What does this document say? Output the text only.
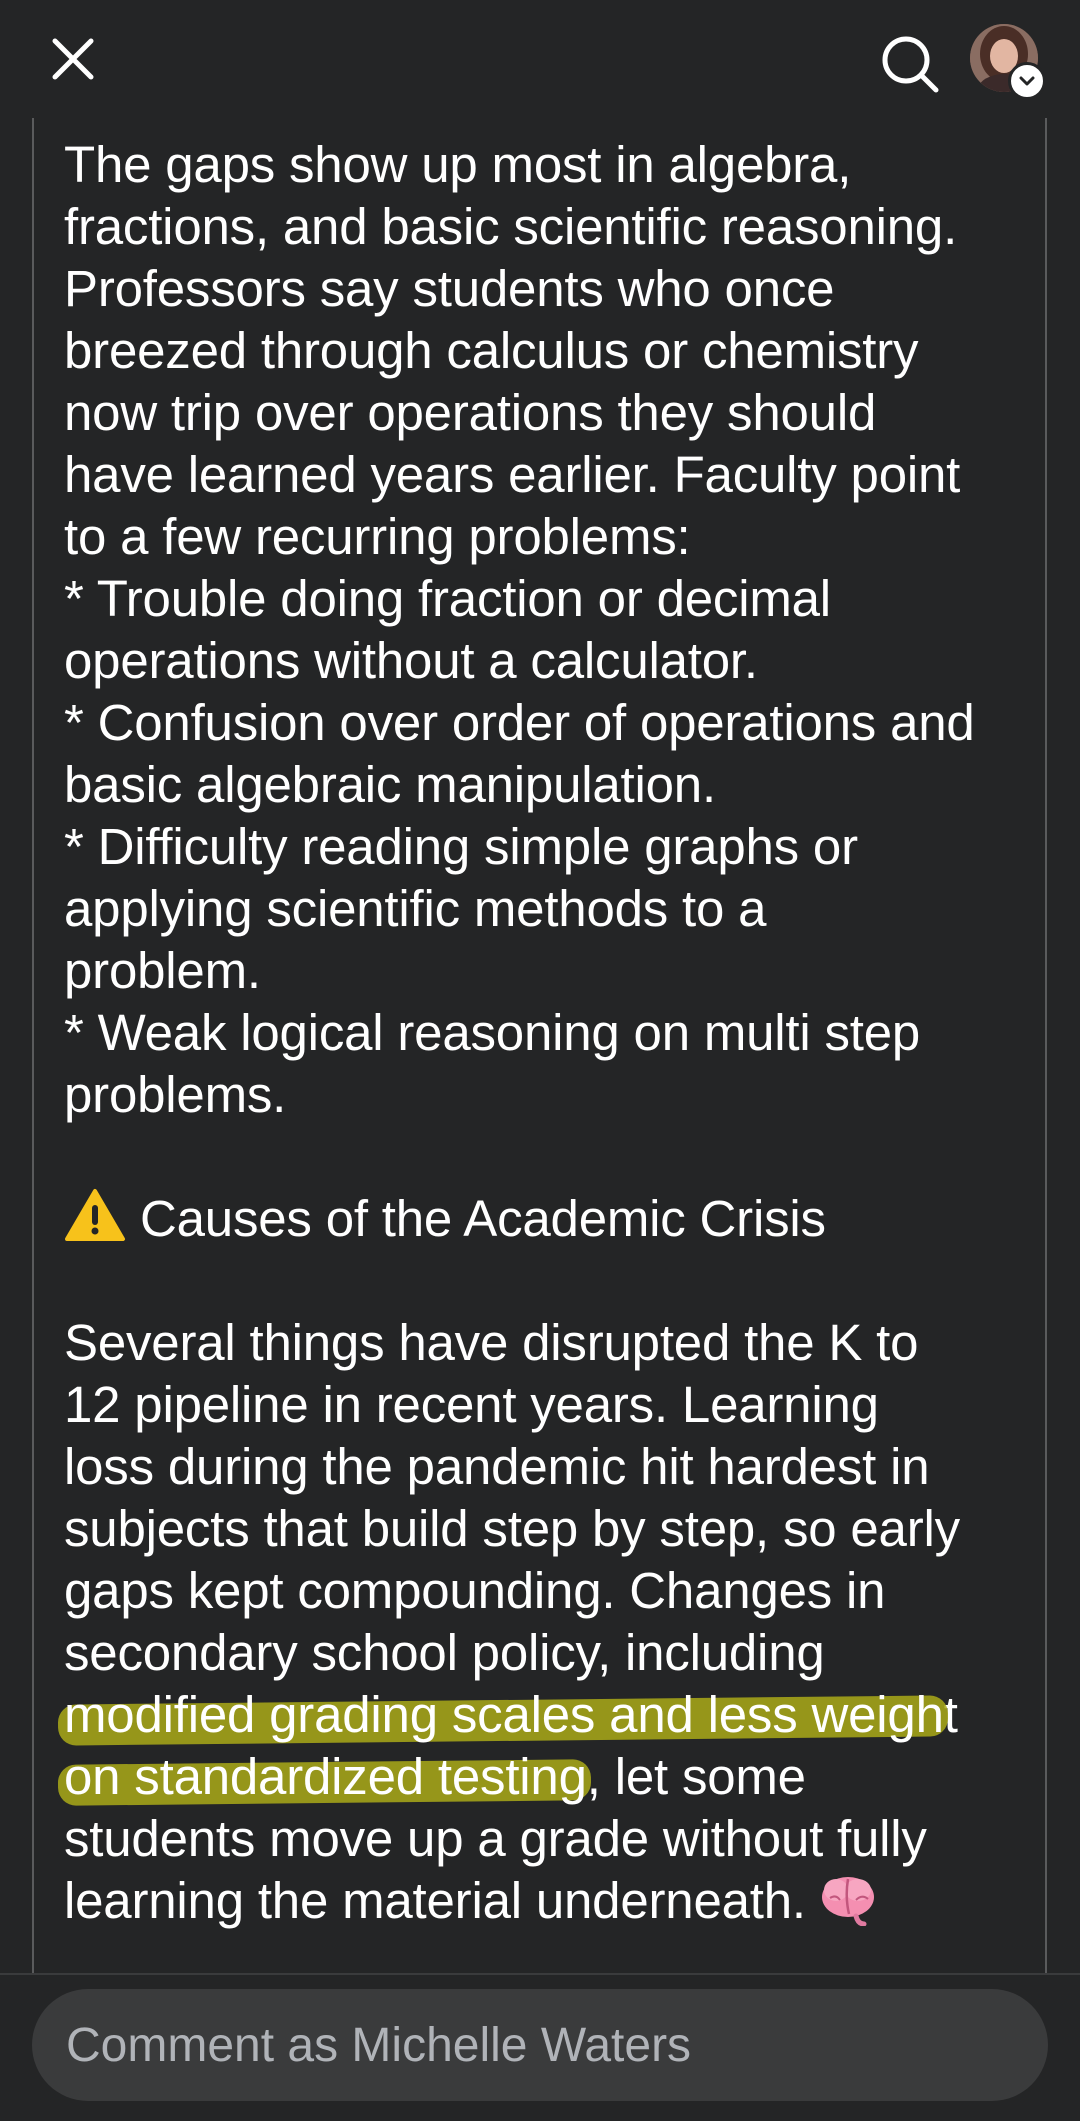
The gaps show up most in algebra,
fractions, and basic scientific reasoning.
Professors say students who once
breezed through calculus or chemistry
now trip over operations they should
have learned years earlier. Faculty point
to a few recurring problems:
* Trouble doing fraction or decimal
operations without a calculator.
* Confusion over order of operations and
basic algebraic manipulation.
* Difficulty reading simple graphs or
applying scientific methods to a
problem.
* Weak logical reasoning on multi step
problems.
Causes of the Academic Crisis
Several things have disrupted the K to
12 pipeline in recent years. Learning
loss during the pandemic hit hardest in
subjects that build step by step, so early
gaps kept compounding. Changes in
secondary school policy, including
modified grading scales and less weight
on standardized testing, let some
students move up a grade without fully
learning the material underneath.
Comment as Michelle Waters
